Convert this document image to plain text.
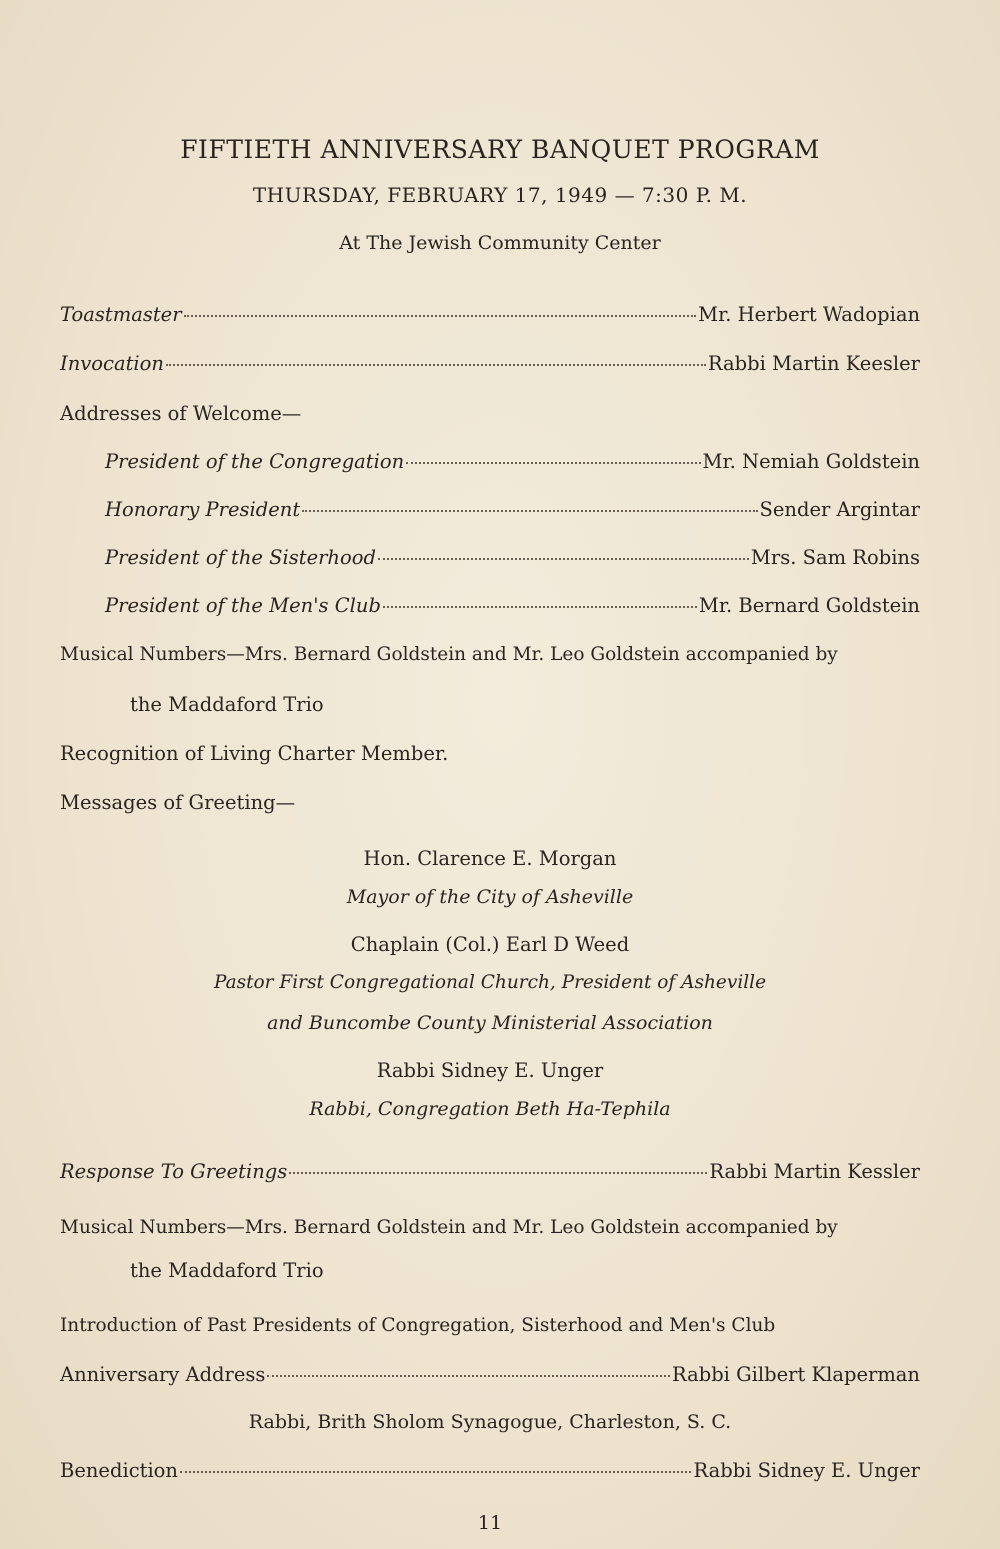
FIFTIETH ANNIVERSARY BANQUET PROGRAM
THURSDAY, FEBRUARY 17, 1949 — 7:30 P. M.
At The Jewish Community Center
Toastmaster	Mr. Herbert Wadopian
Invocation	Rabbi Martin Keesler
Addresses of Welcome—
President of the Congregation	Mr. Nemiah Goldstein
Honorary President	Sender Argintar
President of the Sisterhood	Mrs. Sam Robins
President of the Men's Club	Mr. Bernard Goldstein
Musical Numbers—Mrs. Bernard Goldstein and Mr. Leo Goldstein accompanied by
the Maddaford Trio
Recognition of Living Charter Member.
Messages of Greeting—
Hon. Clarence E. Morgan
Mayor of the City of Asheville
Chaplain (Col.) Earl D Weed
Pastor First Congregational Church, President of Asheville
and Buncombe County Ministerial Association
Rabbi Sidney E. Unger
Rabbi, Congregation Beth Ha-Tephila
Response To Greetings	Rabbi Martin Kessler
Musical Numbers—Mrs. Bernard Goldstein and Mr. Leo Goldstein accompanied by
the Maddaford Trio
Introduction of Past Presidents of Congregation, Sisterhood and Men's Club
Anniversary Address	Rabbi Gilbert Klaperman
Rabbi, Brith Sholom Synagogue, Charleston, S. C.
Benediction	Rabbi Sidney E. Unger
11
